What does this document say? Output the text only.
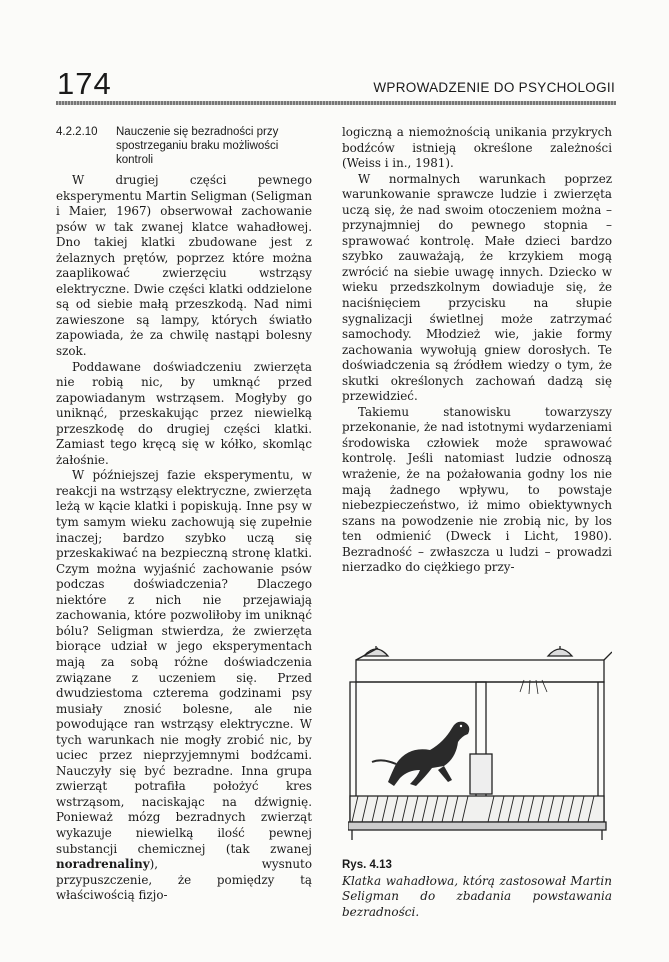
174	WPROWADZENIE DO PSYCHOLOGII
4.2.2.10	Nauczenie się bezradności przy spostrzeganiu braku możliwości kontroli

W drugiej części pewnego eksperymentu Martin Seligman (Seligman i Maier, 1967) obserwował zachowanie psów w tak zwanej klatce wahadłowej. Dno takiej klatki zbudowane jest z żelaznych prętów, poprzez które można zaaplikować zwierzęciu wstrząsy elektryczne. Dwie części klatki oddzielone są od siebie małą przeszkodą. Nad nimi zawieszone są lampy, których światło zapowiada, że za chwilę nastąpi bolesny szok.

Poddawane doświadczeniu zwierzęta nie robią nic, by umknąć przed zapowiadanym wstrząsem. Mogłyby go uniknąć, przeskakując przez niewielką przeszkodę do drugiej części klatki. Zamiast tego kręcą się w kółko, skomląc żałośnie.

W późniejszej fazie eksperymentu, w reakcji na wstrząsy elektryczne, zwierzęta leżą w kącie klatki i popiskują. Inne psy w tym samym wieku zachowują się zupełnie inaczej; bardzo szybko uczą się przeskakiwać na bezpieczną stronę klatki. Czym można wyjaśnić zachowanie psów podczas doświadczenia? Dlaczego niektóre z nich nie przejawiają zachowania, które pozwoliłoby im uniknąć bólu? Seligman stwierdza, że zwierzęta biorące udział w jego eksperymentach mają za sobą różne doświadczenia związane z uczeniem się. Przed dwudziestoma czterema godzinami psy musiały znosić bolesne, ale nie powodujące ran wstrząsy elektryczne. W tych warunkach nie mogły zrobić nic, by uciec przez nieprzyjemnymi bodźcami. Nauczyły się być bezradne. Inna grupa zwierząt potrafiła położyć kres wstrząsom, naciskając na dźwignię. Ponieważ mózg bezradnych zwierząt wykazuje niewielką ilość pewnej substancji chemicznej (tak zwanej noradrenaliny), wysnuto przypuszczenie, że pomiędzy tą właściwością fizjo-

logiczną a niemożnością unikania przykrych bodźców istnieją określone zależności (Weiss i in., 1981).

W normalnych warunkach poprzez warunkowanie sprawcze ludzie i zwierzęta uczą się, że nad swoim otoczeniem można – przynajmniej do pewnego stopnia – sprawować kontrolę. Małe dzieci bardzo szybko zauważają, że krzykiem mogą zwrócić na siebie uwagę innych. Dziecko w wieku przedszkolnym dowiaduje się, że naciśnięciem przycisku na słupie sygnalizacji świetlnej może zatrzymać samochody. Młodzież wie, jakie formy zachowania wywołują gniew dorosłych. Te doświadczenia są źródłem wiedzy o tym, że skutki określonych zachowań dadzą się przewidzieć.

Takiemu stanowisku towarzyszy przekonanie, że nad istotnymi wydarzeniami środowiska człowiek może sprawować kontrolę. Jeśli natomiast ludzie odnoszą wrażenie, że na pożałowania godny los nie mają żadnego wpływu, to powstaje niebezpieczeństwo, iż mimo obiektywnych szans na powodzenie nie zrobią nic, by los ten odmienić (Dweck i Licht, 1980). Bezradność – zwłaszcza u ludzi – prowadzi nierzadko do ciężkiego przy-

Rys. 4.13
Klatka wahadłowa, którą zastosował Martin Seligman do zbadania powstawania bezradności.
